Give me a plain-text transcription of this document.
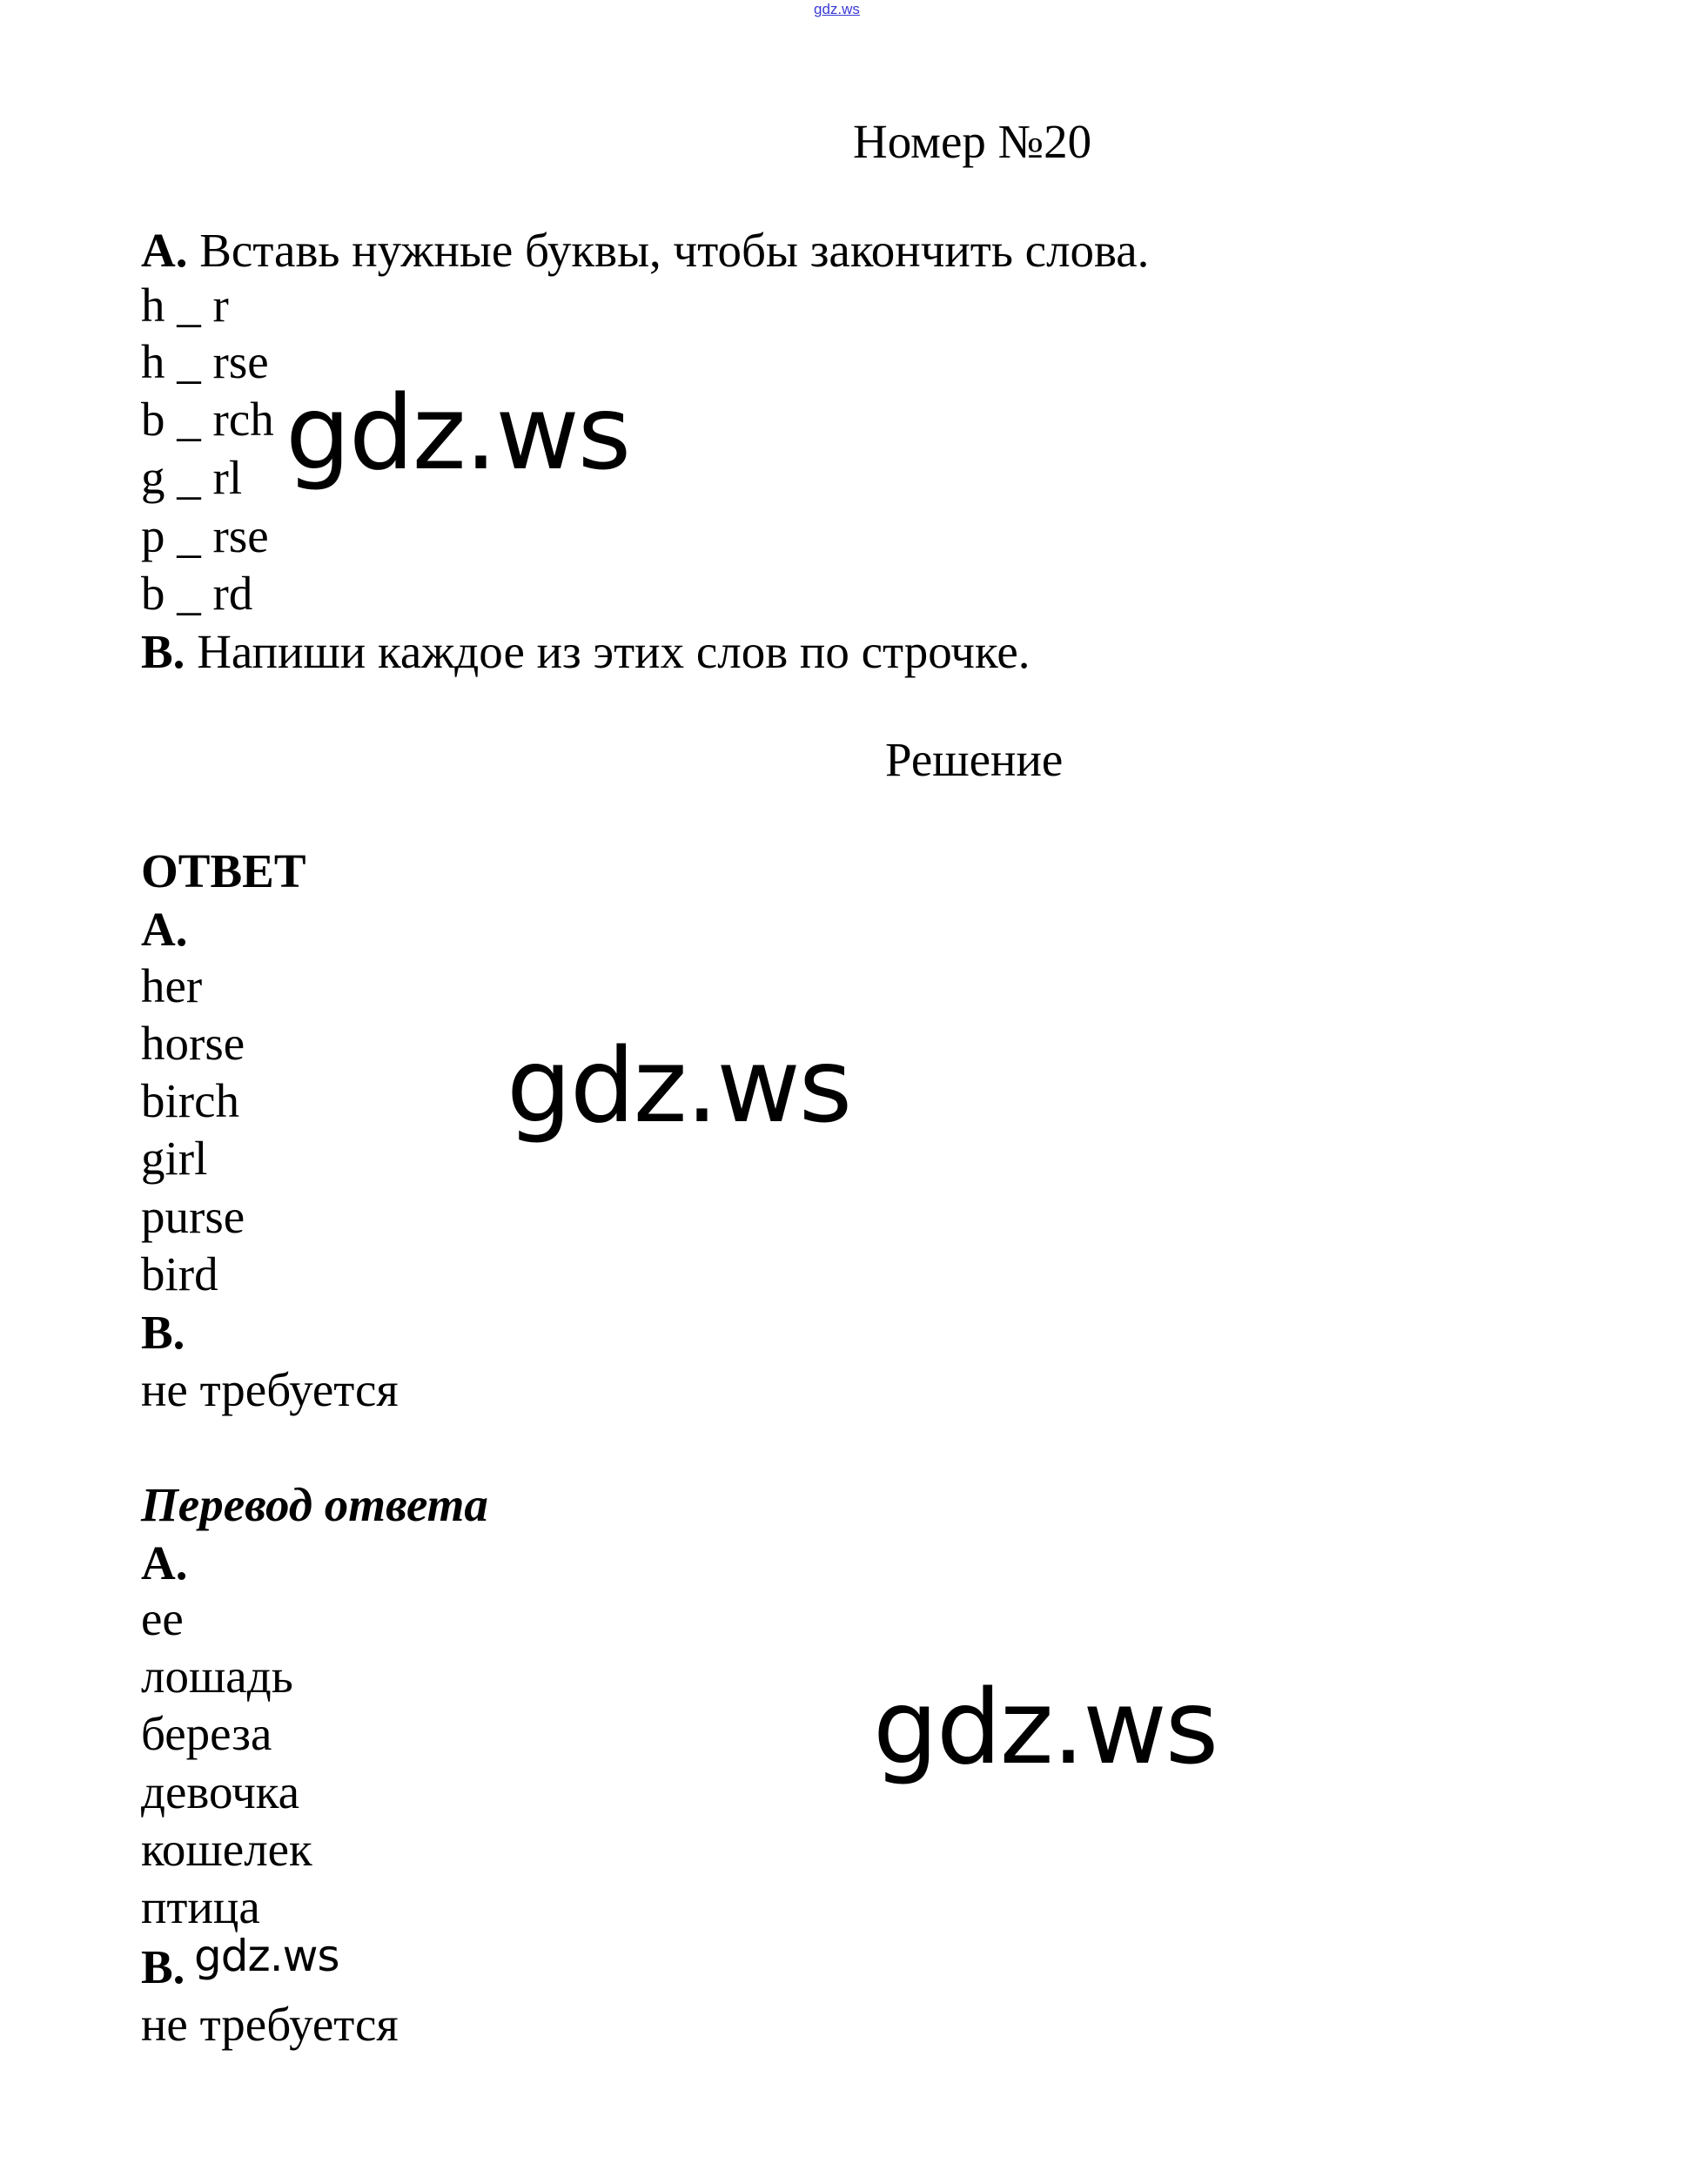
gdz.ws
Номер №20
А. Вставь нужные буквы, чтобы закончить слова.
h _ r
h _ rse
b _ rch
g _ rl
p _ rse
b _ rd
В. Напиши каждое из этих слов по строчке.
Решение
ОТВЕТ
А.
her
horse
birch
girl
purse
bird
В.
не требуется
Перевод ответа
А.
ее
лошадь
береза
девочка
кошелек
птица
В.
не требуется
gdz.ws
gdz.ws
gdz.ws
gdz.ws
